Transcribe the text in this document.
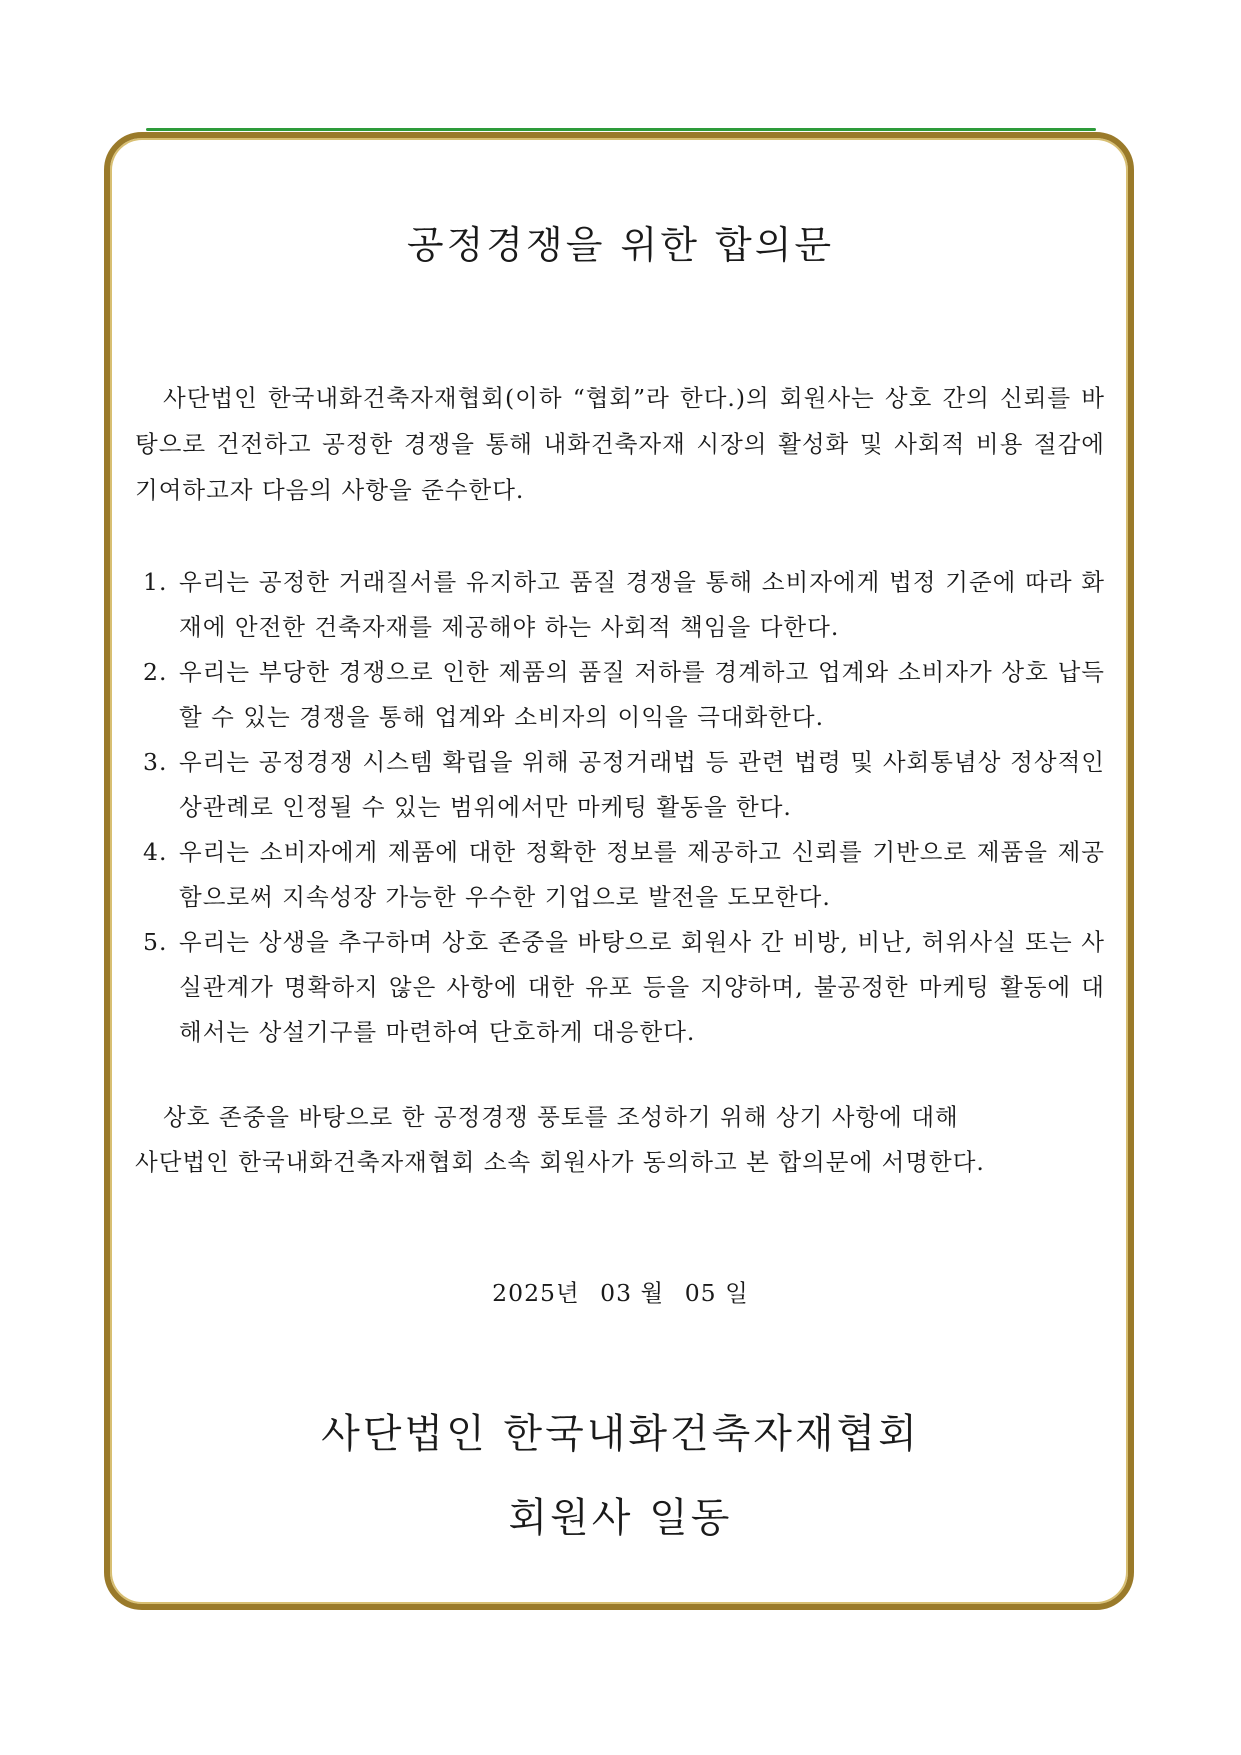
공정경쟁을 위한 합의문

사단법인 한국내화건축자재협회(이하 “협회”라 한다.)의 회원사는 상호 간의 신뢰를 바탕으로 건전하고 공정한 경쟁을 통해 내화건축자재 시장의 활성화 및 사회적 비용 절감에 기여하고자 다음의 사항을 준수한다.

1. 우리는 공정한 거래질서를 유지하고 품질 경쟁을 통해 소비자에게 법정 기준에 따라 화재에 안전한 건축자재를 제공해야 하는 사회적 책임을 다한다.
2. 우리는 부당한 경쟁으로 인한 제품의 품질 저하를 경계하고 업계와 소비자가 상호 납득할 수 있는 경쟁을 통해 업계와 소비자의 이익을 극대화한다.
3. 우리는 공정경쟁 시스템 확립을 위해 공정거래법 등 관련 법령 및 사회통념상 정상적인 상관례로 인정될 수 있는 범위에서만 마케팅 활동을 한다.
4. 우리는 소비자에게 제품에 대한 정확한 정보를 제공하고 신뢰를 기반으로 제품을 제공함으로써 지속성장 가능한 우수한 기업으로 발전을 도모한다.
5. 우리는 상생을 추구하며 상호 존중을 바탕으로 회원사 간 비방, 비난, 허위사실 또는 사실관계가 명확하지 않은 사항에 대한 유포 등을 지양하며, 불공정한 마케팅 활동에 대해서는 상설기구를 마련하여 단호하게 대응한다.

상호 존중을 바탕으로 한 공정경쟁 풍토를 조성하기 위해 상기 사항에 대해
사단법인 한국내화건축자재협회 소속 회원사가 동의하고 본 합의문에 서명한다.

2025년 03 월 05 일
사단법인 한국내화건축자재협회
회원사 일동
